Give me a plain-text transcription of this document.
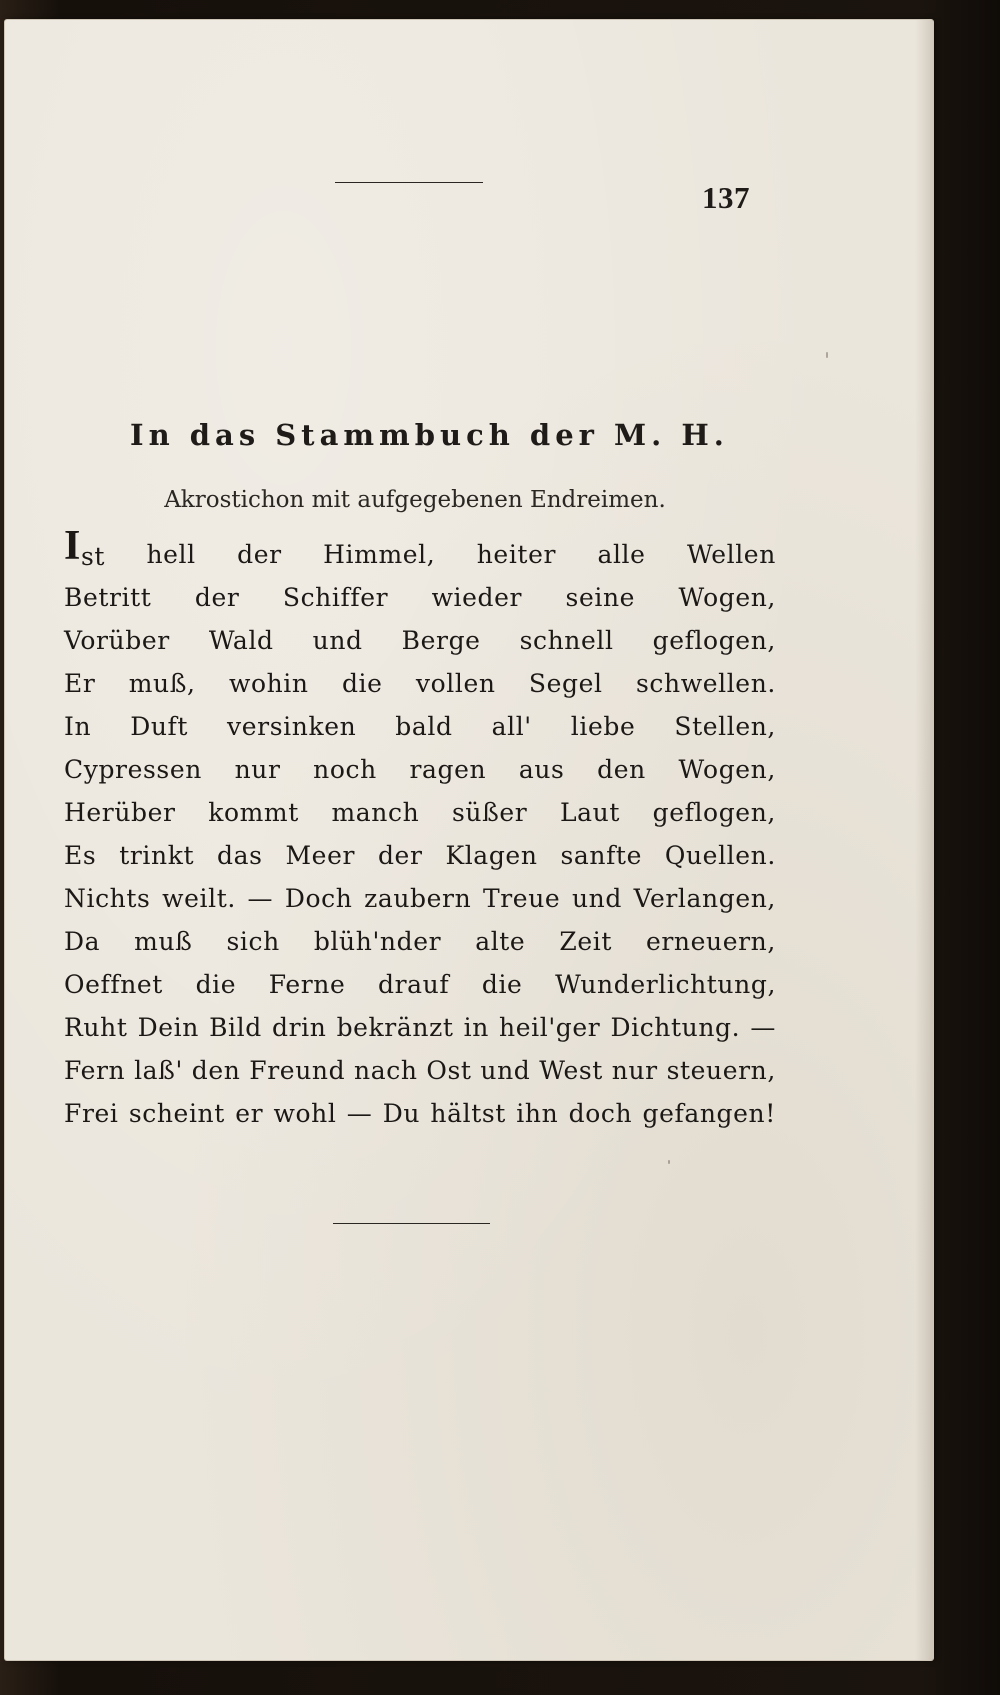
137
In das Stammbuch der M. H.
Akrostichon mit aufgegebenen Endreimen.
Ist hell der Himmel, heiter alle Wellen
Betritt der Schiffer wieder seine Wogen,
Vorüber Wald und Berge schnell geflogen,
Er muß, wohin die vollen Segel schwellen.
In Duft versinken bald all' liebe Stellen,
Cypressen nur noch ragen aus den Wogen,
Herüber kommt manch süßer Laut geflogen,
Es trinkt das Meer der Klagen sanfte Quellen.
Nichts weilt. — Doch zaubern Treue und Verlangen,
Da muß sich blüh'nder alte Zeit erneuern,
Oeffnet die Ferne drauf die Wunderlichtung,
Ruht Dein Bild drin bekränzt in heil'ger Dichtung. —
Fern laß' den Freund nach Ost und West nur steuern,
Frei scheint er wohl — Du hältst ihn doch gefangen!
